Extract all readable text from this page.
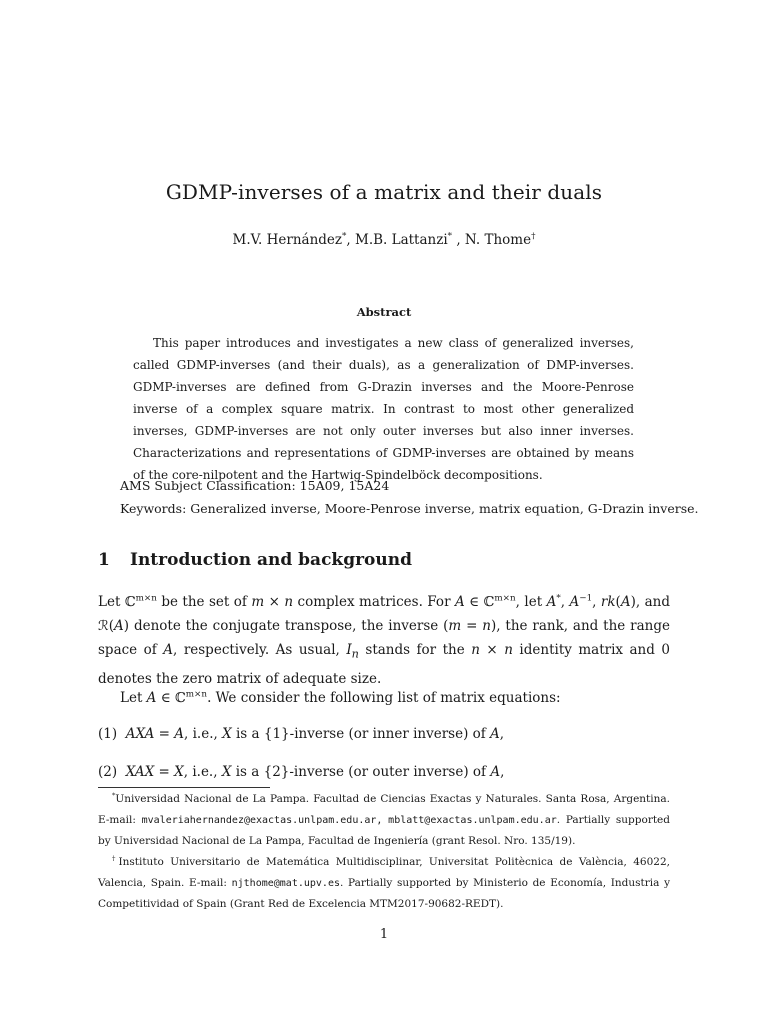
GDMP-inverses of a matrix and their duals
M.V. Hernández*, M.B. Lattanzi* , N. Thome†
Abstract

This paper introduces and investigates a new class of generalized inverses, called GDMP-inverses (and their duals), as a generalization of DMP-inverses. GDMP-inverses are defined from G-Drazin inverses and the Moore-Penrose inverse of a complex square matrix. In contrast to most other generalized inverses, GDMP-inverses are not only outer inverses but also inner inverses. Characterizations and representations of GDMP-inverses are obtained by means of the core-nilpotent and the Hartwig-Spindelböck decompositions.

AMS Subject Classification: 15A09, 15A24
Keywords: Generalized inverse, Moore-Penrose inverse, matrix equation, G-Drazin inverse.
1 Introduction and background

Let ℂ$^{m\times n}$ be the set of m × n complex matrices. For A ∈ ℂ$^{m\times n}$, let A*, $A^{-1}$, rk(A), and ℛ(A) denote the conjugate transpose, the inverse (m = n), the rank, and the range space of A, respectively. As usual, $I_n$ stands for the n × n identity matrix and 0 denotes the zero matrix of adequate size.

Let A ∈ ℂ$^{m\times n}$. We consider the following list of matrix equations:

(1) AXA = A, i.e., X is a {1}-inverse (or inner inverse) of A,
(2) XAX = X, i.e., X is a {2}-inverse (or outer inverse) of A,

*Universidad Nacional de La Pampa. Facultad de Ciencias Exactas y Naturales. Santa Rosa, Argentina. E-mail: mvaleriahernandez@exactas.unlpam.edu.ar, mblatt@exactas.unlpam.edu.ar. Partially supported by Universidad Nacional de La Pampa, Facultad de Ingeniería (grant Resol. Nro. 135/19).

†Instituto Universitario de Matemática Multidisciplinar, Universitat Politècnica de València, 46022, Valencia, Spain. E-mail: njthome@mat.upv.es. Partially supported by Ministerio de Economía, Industria y Competitividad of Spain (Grant Red de Excelencia MTM2017-90682-REDT).

1
